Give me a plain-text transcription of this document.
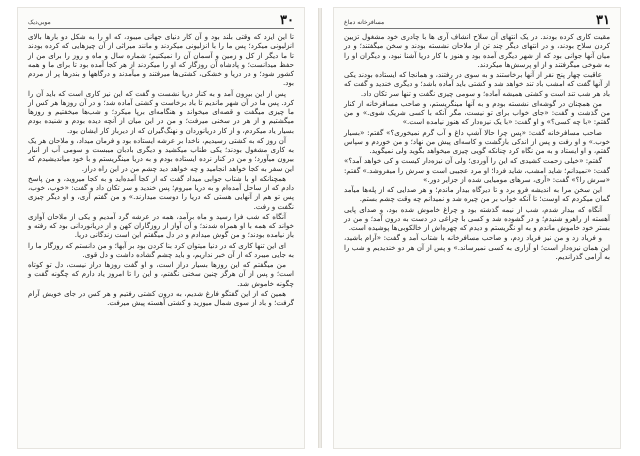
موبي‌ديک	۳۰

تا اين ايزد که وقتی بلند بود و آن کار دنيای جهانی ميبود، که او را به شکل دو بارها بالای انزليونی ميکرد؛ پس ما را با انزليونی ميکردند و مانند ميراثی از آن چيزهايی که کرده بودند تا ما ديگر از کل و زمين و آسمان آن را نميکنيم؛ شماره سال و ماه و روز را برای من از حفظ ميدانست؛ و پادشاه آن روزگار که او را ميکردند از هر کجا آمده بود تا برای ما و همه کشور شود؛ و در دريا و خشکی، کشتی‌ها ميرفتند و ميآمدند و درگاهها و بندرها پر از مردم بود.

پس از اين بيرون آمد و به کنار دريا نشست و گفت که اين نيز کاری است که بايد آن را کرد. پس ما در آن شهر ماندیم تا باد برخاست و کشتی آماده شد؛ و در آن روزها هر کس از ما چيزی ميگفت و قصه‌ای ميخواند و هنگامه‌ای برپا ميکرد؛ و شب‌ها ميخفتيم و روزها ميگشتيم و از هر در سخنی ميرفت؛ و من در اين ميان از آنچه ديده بودم و شنيده بودم بسيار ياد ميکردم، و از کار دريانوردان و نهنگ‌گيران که از ديرباز کار ايشان بود.

آن روز که به کشتی رسيديم، ناخدا بر عرشه ايستاده بود و فرمان ميداد، و ملاحان هر يک به کاری مشغول بودند؛ يکی طناب ميکشيد و ديگری بادبان ميبست و سومی آب از انبار بيرون ميآورد؛ و من در کنار نرده ايستاده بودم و به دريا مينگريستم و با خود ميانديشيدم که اين سفر به کجا خواهد انجاميد و چه خواهد ديد چشم من در اين راه دراز.

همچنانکه او با شتاب جوابی ميداد گفت که از کجا آمده‌ايد و به کجا ميرويد، و من پاسخ دادم که از ساحل آمده‌ام و به دريا ميروم؛ پس خنديد و سر تکان داد و گفت: «خوب، خوب، پس تو هم از آنهايی هستی که دريا را دوست ميدارند.» و من گفتم آری، و او ديگر چيزی نگفت و رفت.

آنگاه که شب فرا رسيد و ماه برآمد، همه در عرشه گرد آمديم و يکی از ملاحان آوازی خواند که همه با او همراه شدند؛ و آن آواز از روزگاران کهن و از دريانوردانی بود که رفته و باز نيامده بودند؛ و من گوش ميدادم و در دل ميگفتم اين است زندگانی دريا.

ای اين تنها کاری که در دنيا ميتوان کرد بنا کردن بود بر آبها؛ و من دانستم که روزگار ما را به جايی ميبرد که از آن خبر نداريم، و بايد چشم گشاده داشت و دل قوی.

من ميگفتم که اين روزها بسيار دراز است، و او گفت روزها دراز نيست، دل تو کوتاه است؛ و پس از آن هرگز چنين سخنی نگفتم، و اين را تا امروز ياد دارم که چگونه گفت و چگونه خاموش شد.

همين که از اين گفتگو فارغ شديم، به درون کشتی رفتيم و هر کس در جای خويش آرام گرفت؛ و باد از سوی شمال ميوزيد و کشتی آهسته پيش ميرفت.

مسافرخانه دماغ	۳۱

مقيت کاری کرده بودند. در يک انتهای آن سلاح انشاف آری ها با چادری خود مشغول تزيين کردن سلاح بودند، و در انتهای ديگر چند تن از ملاحان نشسته بودند و سخن ميگفتند؛ و در ميان آنها جوانی بود که از شهر ديگری آمده بود و هنوز با کار دريا آشنا نبود، و ديگران او را به شوخی ميگرفتند و از او پرسش‌ها ميکردند.

عاقبت چهار پنج نفر از آنها برخاستند و به سوی در رفتند، و همانجا که ايستاده بودند يکی از آنها گفت که امشب باد تند خواهد شد و کشتی بايد آماده باشد؛ و ديگری خنديد و گفت که باد هر شب تند است و کشتی هميشه آماده؛ و سومی چيزی نگفت و تنها سر تکان داد.

من همچنان در گوشه‌ای نشسته بودم و به آنها مينگريستم، و صاحب مسافرخانه از کنار من گذشت و گفت: «جای خواب برای تو نيست، مگر آنکه با کسی شريک شوی.» و من گفتم: «با چه کسی؟» و او گفت: «با يک نيزه‌دار که هنوز نيامده است.»

صاحب مسافرخانه گفت: «پس چرا حالا آشپ داغ و آب گرم نمیخوری؟» گفتم: «بسيار خوب.» و او رفت و پس از اندکی بازگشت و کاسه‌ای پيش من نهاد؛ و من خوردم و سپاس گفتم، و او ايستاد و به من نگاه کرد چنانکه گويی چيزی ميخواهد بگويد ولی نميگويد.

گفتم: «خيلی زحمت کشيدی که اين را آوردی؛ ولی آن نيزه‌دار کيست و کی خواهد آمد؟» گفت: «نميدانم؛ شايد امشب، شايد فردا؛ او مرد عجيبی است و سرش را ميفروشد.» گفتم: «سرش را؟» گفت: «آری، سرهای موميايی شده از جزاير دور.»

اين سخن مرا به انديشه فرو برد و تا ديرگاه بيدار ماندم؛ و هر صدايی که از پله‌ها ميآمد گمان ميکردم که اوست؛ تا آنکه خواب بر من چيره شد و نميدانم چه وقت چشم بستم.

آنگاه که بيدار شدم، شب از نيمه گذشته بود و چراغ خاموش شده بود، و صدای پايی آهسته از راهرو شنيدم؛ و در گشوده شد و کسی با چراغی در دست به درون آمد؛ و من در بستر خود خاموش ماندم و به او نگريستم و ديدم که چهره‌اش از خالکوبی‌ها پوشيده است.

و فرياد زد و من نيز فرياد زدم، و صاحب مسافرخانه با شتاب آمد و گفت: «آرام باشيد، اين همان نيزه‌دار است؛ او آزاری به کسی نميرساند.» و پس از آن هر دو خنديديم و شب را به آرامی گذرانديم.
